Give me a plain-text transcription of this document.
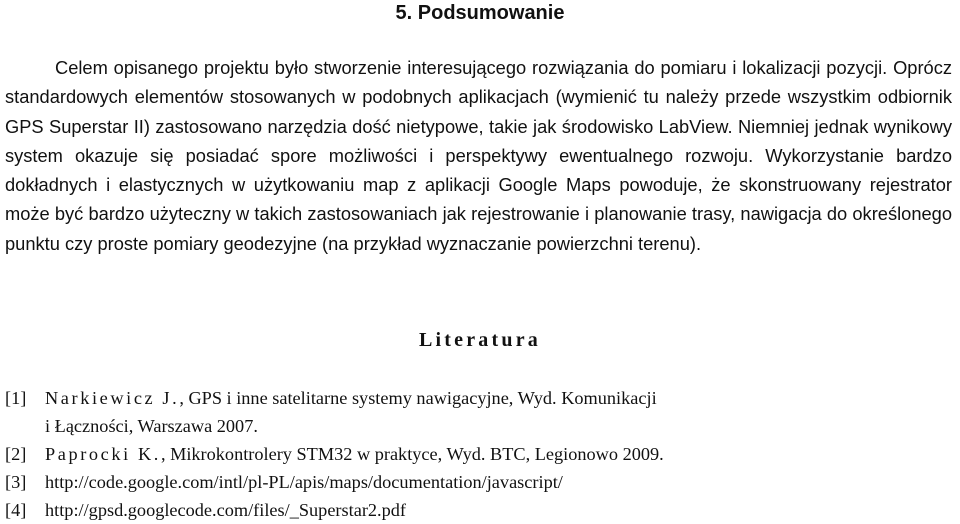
5. Podsumowanie

Celem opisanego projektu było stworzenie interesującego rozwiązania do pomiaru i lokalizacji pozycji. Oprócz standardowych elementów stosowanych w podobnych aplikacjach (wymienić tu należy przede wszystkim odbiornik GPS Superstar II) zastosowano narzędzia dość nietypowe, takie jak środowisko LabView. Niemniej jednak wynikowy system okazuje się posiadać spore możliwości i perspektywy ewentualnego rozwoju. Wykorzystanie bardzo dokładnych i elastycznych w użytkowaniu map z aplikacji Google Maps powoduje, że skonstruowany rejestrator może być bardzo użyteczny w takich zastosowaniach jak rejestrowanie i planowanie trasy, nawigacja do określonego punktu czy proste pomiary geodezyjne (na przykład wyznaczanie powierzchni terenu).

Literatura
[1] Narkiewicz J., GPS i inne satelitarne systemy nawigacyjne, Wyd. Komunikacji
i Łączności, Warszawa 2007.
[2] Paprocki K., Mikrokontrolery STM32 w praktyce, Wyd. BTC, Legionowo 2009.
[3] http://code.google.com/intl/pl-PL/apis/maps/documentation/javascript/
[4] http://gpsd.googlecode.com/files/_Superstar2.pdf
